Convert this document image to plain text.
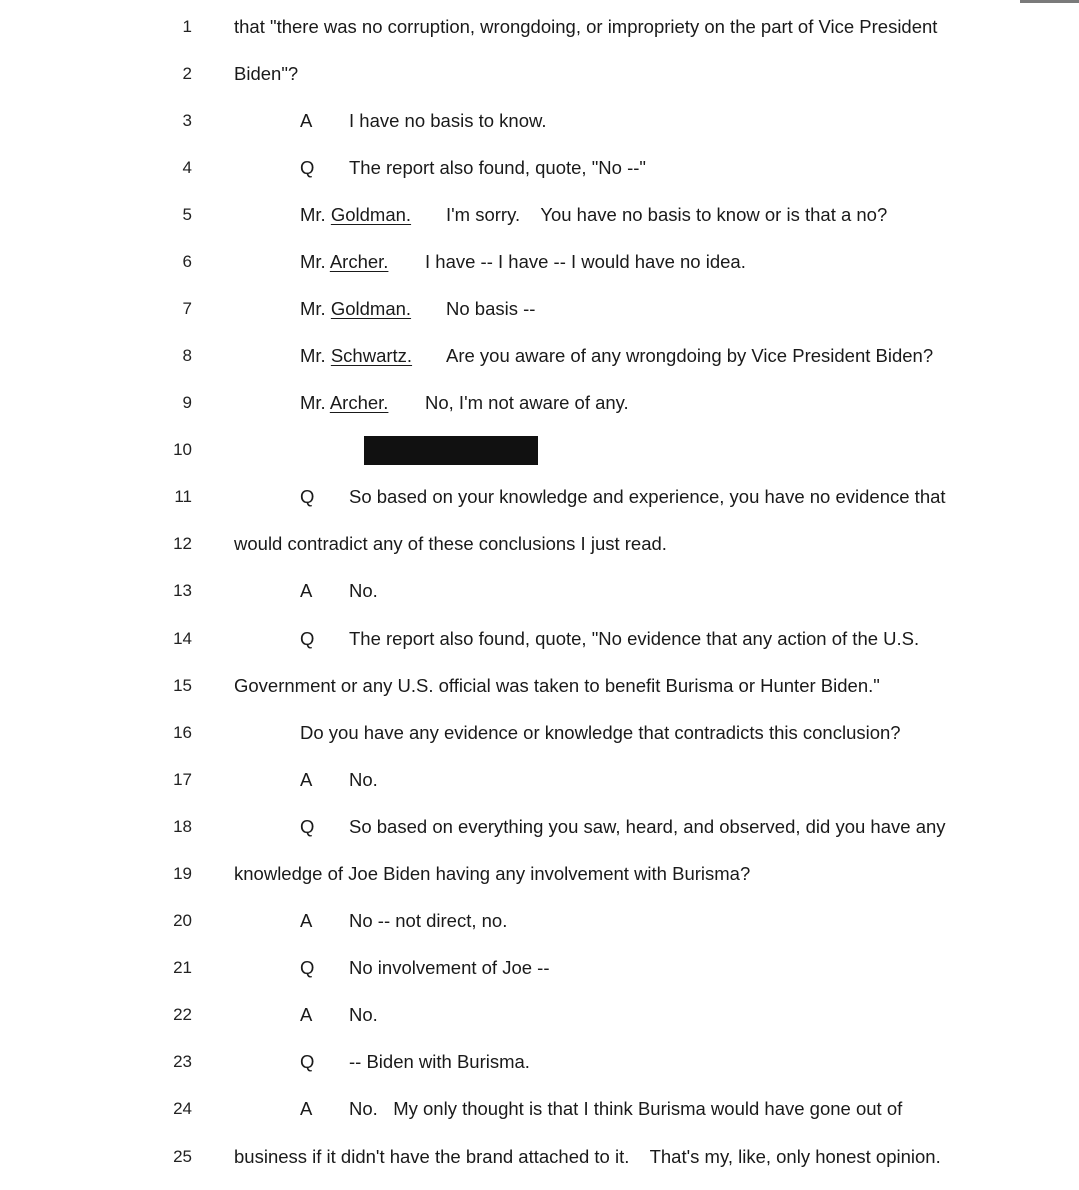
1 that "there was no corruption, wrongdoing, or impropriety on the part of Vice President
2 Biden"?
3	A I have no basis to know.
4	Q The report also found, quote, "No --"
5	Mr. Goldman. I'm sorry.    You have no basis to know or is that a no?
6	Mr. Archer. I have -- I have -- I would have no idea.
7	Mr. Goldman. No basis --
8	Mr. Schwartz. Are you aware of any wrongdoing by Vice President Biden?
9	Mr. Archer. No, I'm not aware of any.
10
11	Q So based on your knowledge and experience, you have no evidence that
12 would contradict any of these conclusions I just read.
13	A No.
14	Q The report also found, quote, "No evidence that any action of the U.S.
15 Government or any U.S. official was taken to benefit Burisma or Hunter Biden."
16	Do you have any evidence or knowledge that contradicts this conclusion?
17	A No.
18	Q So based on everything you saw, heard, and observed, did you have any
19 knowledge of Joe Biden having any involvement with Burisma?
20	A No -- not direct, no.
21	Q No involvement of Joe --
22	A No.
23	Q -- Biden with Burisma.
24	A No.   My only thought is that I think Burisma would have gone out of
25 business if it didn't have the brand attached to it.    That's my, like, only honest opinion.
